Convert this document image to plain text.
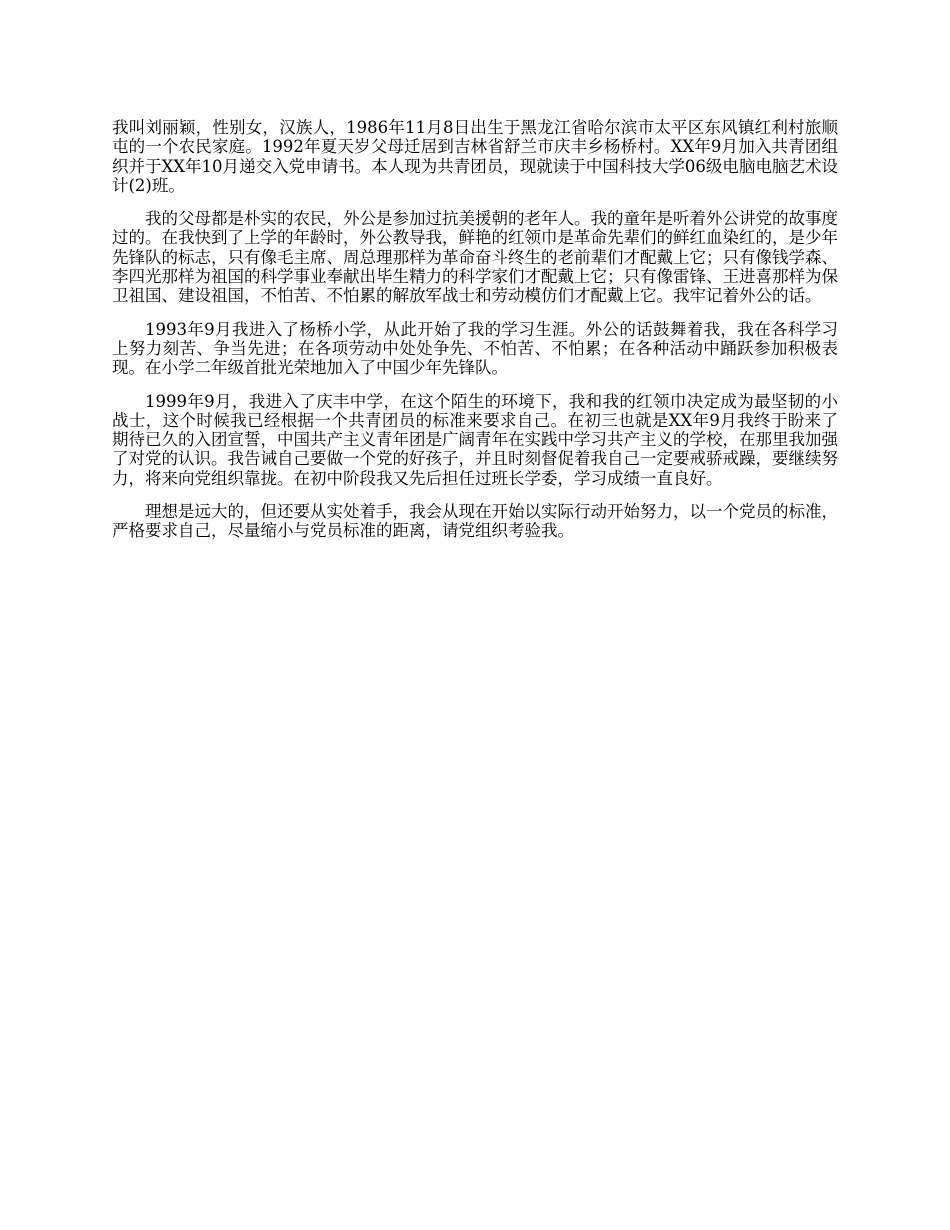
我叫刘丽颖，性别女，汉族人，1986年11月8日出生于黑龙江省哈尔滨市太平区东风镇红利村旅顺屯的一个农民家庭。1992年夏天岁父母迁居到吉林省舒兰市庆丰乡杨桥村。XX年9月加入共青团组织并于XX年10月递交入党申请书。本人现为共青团员，现就读于中国科技大学06级电脑电脑艺术设计(2)班。

我的父母都是朴实的农民，外公是参加过抗美援朝的老年人。我的童年是听着外公讲党的故事度过的。在我快到了上学的年龄时，外公教导我，鲜艳的红领巾是革命先辈们的鲜红血染红的，是少年先锋队的标志，只有像毛主席、周总理那样为革命奋斗终生的老前辈们才配戴上它；只有像钱学森、李四光那样为祖国的科学事业奉献出毕生精力的科学家们才配戴上它；只有像雷锋、王进喜那样为保卫祖国、建设祖国，不怕苦、不怕累的解放军战士和劳动模仿们才配戴上它。我牢记着外公的话。

1993年9月我进入了杨桥小学，从此开始了我的学习生涯。外公的话鼓舞着我，我在各科学习上努力刻苦、争当先进；在各项劳动中处处争先、不怕苦、不怕累；在各种活动中踊跃参加积极表现。在小学二年级首批光荣地加入了中国少年先锋队。

1999年9月，我进入了庆丰中学，在这个陌生的环境下，我和我的红领巾决定成为最坚韧的小战士，这个时候我已经根据一个共青团员的标准来要求自己。在初三也就是XX年9月我终于盼来了期待已久的入团宣誓，中国共产主义青年团是广阔青年在实践中学习共产主义的学校，在那里我加强了对党的认识。我告诫自己要做一个党的好孩子，并且时刻督促着我自己一定要戒骄戒躁，要继续努力，将来向党组织靠拢。在初中阶段我又先后担任过班长学委，学习成绩一直良好。

理想是远大的，但还要从实处着手，我会从现在开始以实际行动开始努力，以一个党员的标准，严格要求自己，尽量缩小与党员标准的距离，请党组织考验我。
